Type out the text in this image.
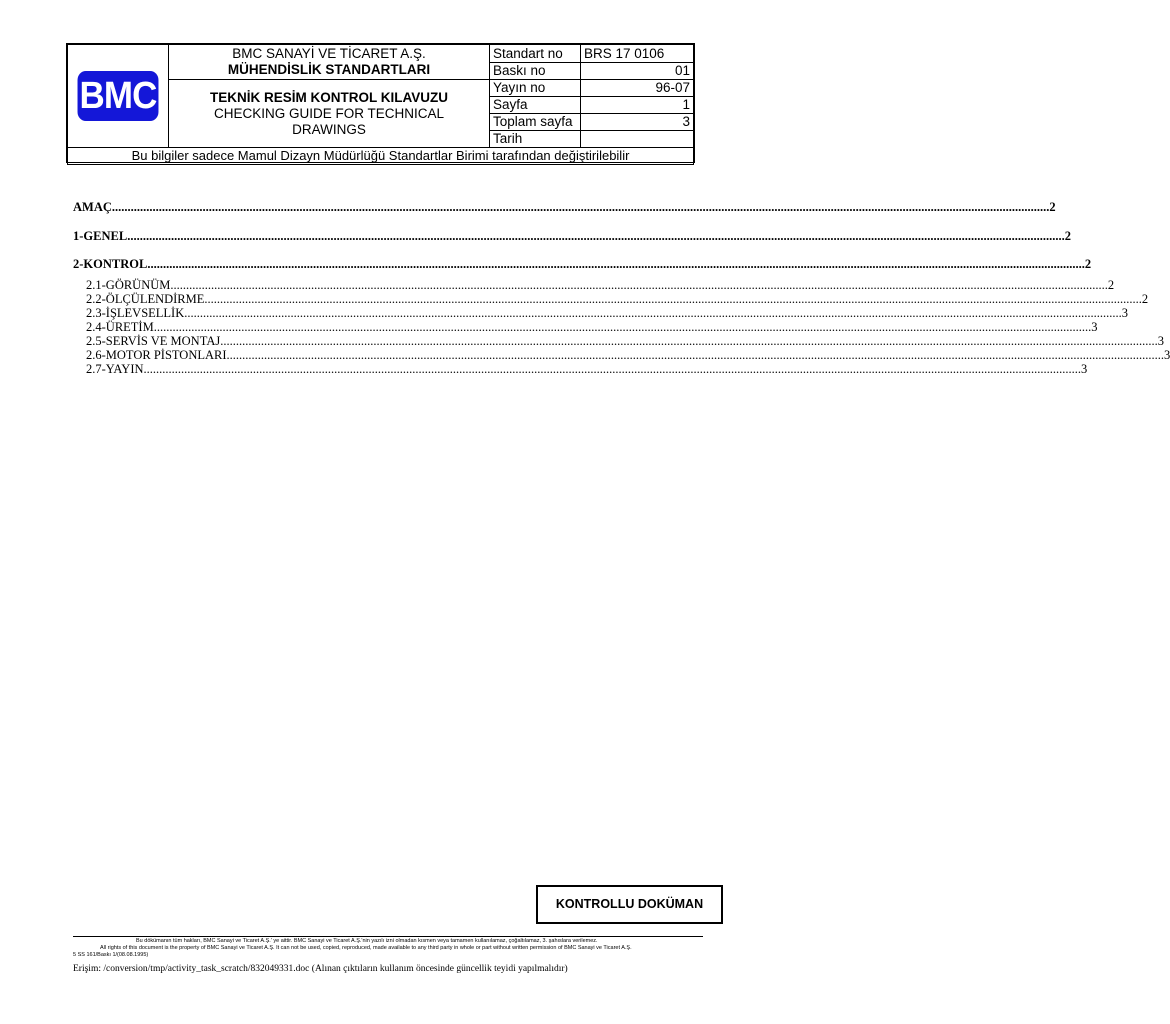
BMC	BMC SANAYİ VE TİCARET A.Ş.
MÜHENDİSLİK STANDARTLARI	Standart no	BRS 17 0106
		Baskı no	01

	TEKNİK RESİM KONTROL KILAVUZU
CHECKING GUIDE FOR TECHNICAL
DRAWINGS	Yayın no	96-07
		Sayfa	1
		Toplam sayfa	3
		Tarih	
Bu bilgiler sadece Mamul Dizayn Müdürlüğü Standartlar Birimi tarafından değiştirilebilir			
AMAÇ ............................................................................................................................................................................................................................................................................................................ 2
1-GENEL ............................................................................................................................................................................................................................................................................................................ 2
2-KONTROL ............................................................................................................................................................................................................................................................................................................ 2
2.1-GÖRÜNÜM ............................................................................................................................................................................................................................................................................................................ 2
2.2-ÖLÇÜLENDİRME ............................................................................................................................................................................................................................................................................................................ 2
2.3-İŞLEVSELLİK ............................................................................................................................................................................................................................................................................................................ 3
2.4-ÜRETİM ............................................................................................................................................................................................................................................................................................................ 3
2.5-SERVİS VE MONTAJ ............................................................................................................................................................................................................................................................................................................ 3
2.6-MOTOR PİSTONLARI ............................................................................................................................................................................................................................................................................................................ 3
2.7-YAYIN ............................................................................................................................................................................................................................................................................................................ 3
KONTROLLU DOKÜMAN
Bu dökümanın tüm hakları, BMC Sanayi ve Ticaret A.Ş.' ye aittir. BMC Sanayi ve Ticaret A.Ş.'nin yazılı izni olmadan kısmen veya tamamen kullanılamaz, çoğaltılamaz, 3. şahıslara verilemez.
All rights of this document is the property of BMC Sanayi ve Ticaret A.Ş. It can not be used, copied, reproduced, made available to any third party in whole or part without written permission of BMC Sanayi ve Ticaret A.Ş.
5 SS 161/Baskı 1/(08.08.1995)
Erişim: /conversion/tmp/activity_task_scratch/832049331.doc (Alınan çıktıların kullanım öncesinde güncellik teyidi yapılmalıdır)
